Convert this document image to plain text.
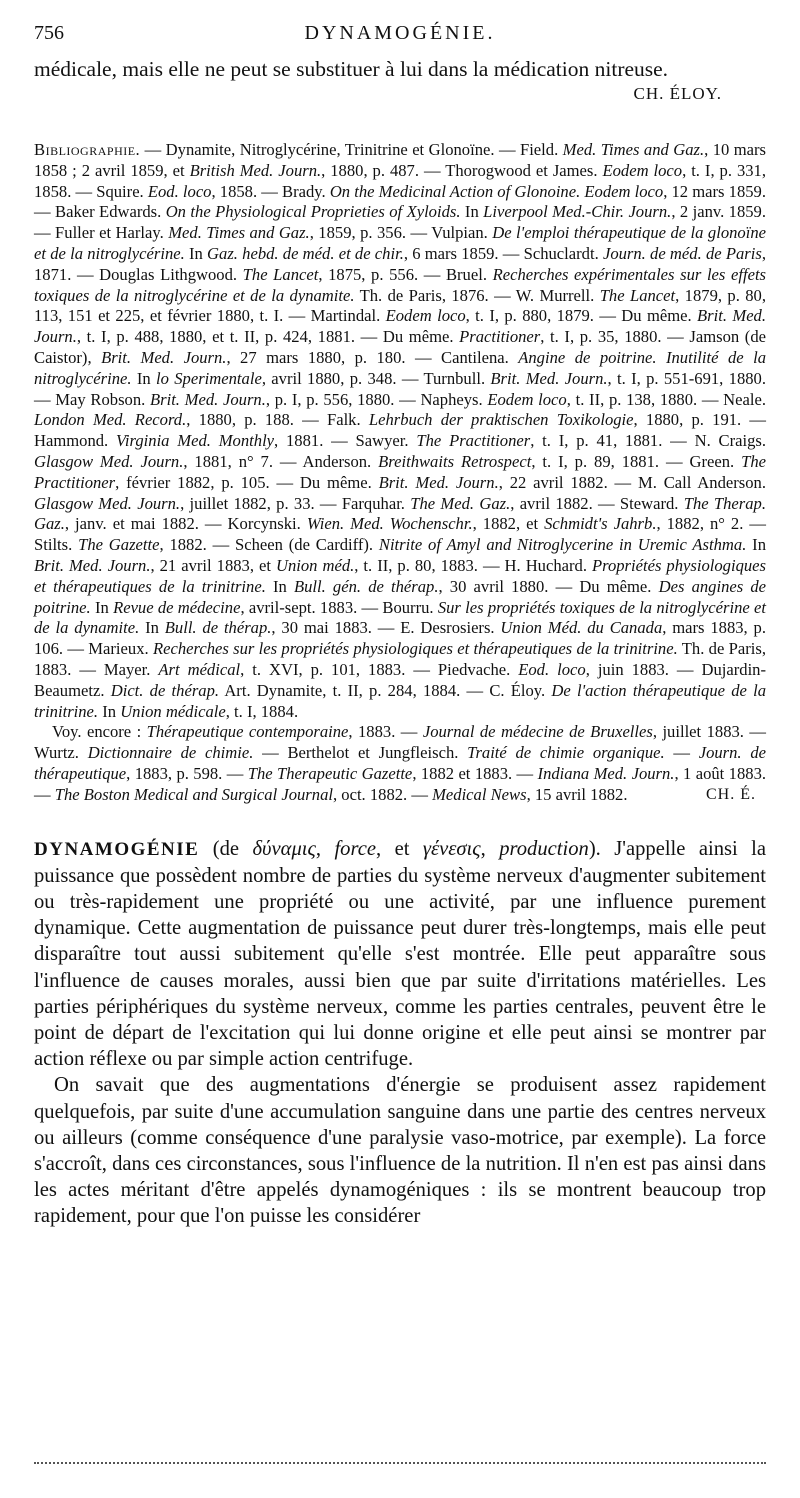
756	DYNAMOGÉNIE.

médicale, mais elle ne peut se substituer à lui dans la médication nitreuse.

CH. ÉLOY.

Bibliographie. — Dynamite, Nitroglycérine, Trinitrine et Glonoïne. — Field. Med. Times and Gaz., 10 mars 1858 ; 2 avril 1859, et British Med. Journ., 1880, p. 487. — Thorogwood et James. Eodem loco, t. I, p. 331, 1858. — Squire. Eod. loco, 1858. — Brady. On the Medicinal Action of Glonoine. Eodem loco, 12 mars 1859. — Baker Edwards. On the Physiological Proprieties of Xyloids. In Liverpool Med.-Chir. Journ., 2 janv. 1859. — Fuller et Harlay. Med. Times and Gaz., 1859, p. 356. — Vulpian. De l'emploi thérapeutique de la glonoïne et de la nitroglycérine. In Gaz. hebd. de méd. et de chir., 6 mars 1859. — Schuclardt. Journ. de méd. de Paris, 1871. — Douglas Lithgwood. The Lancet, 1875, p. 556. — Bruel. Recherches expérimentales sur les effets toxiques de la nitroglycérine et de la dynamite. Th. de Paris, 1876. — W. Murrell. The Lancet, 1879, p. 80, 113, 151 et 225, et février 1880, t. I. — Martindal. Eodem loco, t. I, p. 880, 1879. — Du même. Brit. Med. Journ., t. I, p. 488, 1880, et t. II, p. 424, 1881. — Du même. Practitioner, t. I, p. 35, 1880. — Jamson (de Caistor), Brit. Med. Journ., 27 mars 1880, p. 180. — Cantilena. Angine de poitrine. Inutilité de la nitroglycérine. In lo Sperimentale, avril 1880, p. 348. — Turnbull. Brit. Med. Journ., t. I, p. 551-691, 1880. — May Robson. Brit. Med. Journ., p. I, p. 556, 1880. — Napheys. Eodem loco, t. II, p. 138, 1880. — Neale. London Med. Record., 1880, p. 188. — Falk. Lehrbuch der praktischen Toxikologie, 1880, p. 191. — Hammond. Virginia Med. Monthly, 1881. — Sawyer. The Practitioner, t. I, p. 41, 1881. — N. Craigs. Glasgow Med. Journ., 1881, n° 7. — Anderson. Breithwaits Retrospect, t. I, p. 89, 1881. — Green. The Practitioner, février 1882, p. 105. — Du même. Brit. Med. Journ., 22 avril 1882. — M. Call Anderson. Glasgow Med. Journ., juillet 1882, p. 33. — Farquhar. The Med. Gaz., avril 1882. — Steward. The Therap. Gaz., janv. et mai 1882. — Korcynski. Wien. Med. Wochenschr., 1882, et Schmidt's Jahrb., 1882, n° 2. — Stilts. The Gazette, 1882. — Scheen (de Cardiff). Nitrite of Amyl and Nitroglycerine in Uremic Asthma. In Brit. Med. Journ., 21 avril 1883, et Union méd., t. II, p. 80, 1883. — H. Huchard. Propriétés physiologiques et thérapeutiques de la trinitrine. In Bull. gén. de thérap., 30 avril 1880. — Du même. Des angines de poitrine. In Revue de médecine, avril-sept. 1883. — Bourru. Sur les propriétés toxiques de la nitroglycérine et de la dynamite. In Bull. de thérap., 30 mai 1883. — E. Desrosiers. Union Méd. du Canada, mars 1883, p. 106. — Marieux. Recherches sur les propriétés physiologiques et thérapeutiques de la trinitrine. Th. de Paris, 1883. — Mayer. Art médical, t. XVI, p. 101, 1883. — Piedvache. Eod. loco, juin 1883. — Dujardin-Beaumetz. Dict. de thérap. Art. Dynamite, t. II, p. 284, 1884. — C. Éloy. De l'action thérapeutique de la trinitrine. In Union médicale, t. I, 1884.

Voy. encore : Thérapeutique contemporaine, 1883. — Journal de médecine de Bruxelles, juillet 1883. — Wurtz. Dictionnaire de chimie. — Berthelot et Jungfleisch. Traité de chimie organique. — Journ. de thérapeutique, 1883, p. 598. — The Therapeutic Gazette, 1882 et 1883. — Indiana Med. Journ., 1 août 1883. — The Boston Medical and Surgical Journal, oct. 1882. — Medical News, 15 avril 1882.	CH. É.

DYNAMOGÉNIE (de δύναμις, force, et γένεσις, production). J'appelle ainsi la puissance que possèdent nombre de parties du système nerveux d'augmenter subitement ou très-rapidement une propriété ou une activité, par une influence purement dynamique. Cette augmentation de puissance peut durer très-longtemps, mais elle peut disparaître tout aussi subitement qu'elle s'est montrée. Elle peut apparaître sous l'influence de causes morales, aussi bien que par suite d'irritations matérielles. Les parties périphériques du système nerveux, comme les parties centrales, peuvent être le point de départ de l'excitation qui lui donne origine et elle peut ainsi se montrer par action réflexe ou par simple action centrifuge.

On savait que des augmentations d'énergie se produisent assez rapidement quelquefois, par suite d'une accumulation sanguine dans une partie des centres nerveux ou ailleurs (comme conséquence d'une paralysie vaso-motrice, par exemple). La force s'accroît, dans ces circonstances, sous l'influence de la nutrition. Il n'en est pas ainsi dans les actes méritant d'être appelés dynamogéniques : ils se montrent beaucoup trop rapidement, pour que l'on puisse les considérer
